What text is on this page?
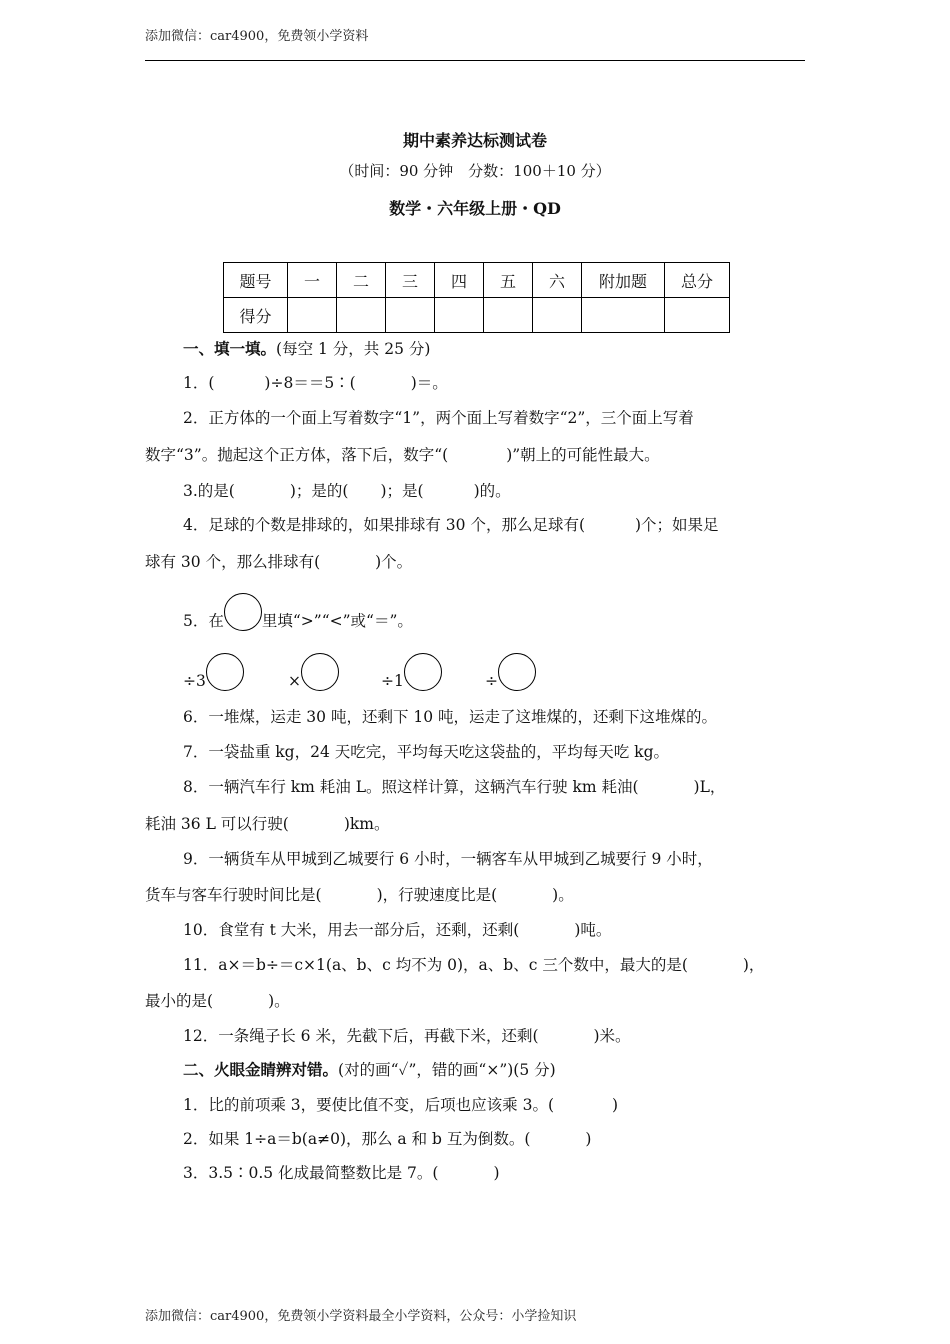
添加微信：car4900，免费领小学资料
期中素养达标测试卷
（时间：90 分钟　分数：100＋10 分）
数学・六年级上册・QD
题号	一	二	三	四	五	六	附加题	总分
得分								
一、填一填。(每空 1 分，共 25 分)
1．(	)÷8＝＝5∶(	)＝。
2．正方体的一个面上写着数字“1”，两个面上写着数字“2”，三个面上写着
数字“3”。抛起这个正方体，落下后，数字“(	)”朝上的可能性最大。
3.的是(	)；是的( )；是(	)的。
4．足球的个数是排球的，如果排球有 30 个，那么足球有(	)个；如果足
球有 30 个，那么排球有(	)个。
5．在 里填“>”“<”或“＝”。
÷3	×	÷1	÷
6．一堆煤，运走 30 吨，还剩下 10 吨，运走了这堆煤的，还剩下这堆煤的。
7．一袋盐重 kg，24 天吃完，平均每天吃这袋盐的，平均每天吃 kg。
8．一辆汽车行 km 耗油 L。照这样计算，这辆汽车行驶 km 耗油(	)L，
耗油 36 L 可以行驶(	)km。
9．一辆货车从甲城到乙城要行 6 小时，一辆客车从甲城到乙城要行 9 小时，
货车与客车行驶时间比是(	)，行驶速度比是(	)。
10．食堂有 t 大米，用去一部分后，还剩，还剩(	)吨。
11．a×＝b÷＝c×1(a、b、c 均不为 0)，a、b、c 三个数中，最大的是(	)，
最小的是(	)。
12．一条绳子长 6 米，先截下后，再截下米，还剩(	)米。
二、火眼金睛辨对错。(对的画“✓”，错的画“×”)(5 分)
1．比的前项乘 3，要使比值不变，后项也应该乘 3。(	)
2．如果 1÷a＝b(a≠0)，那么 a 和 b 互为倒数。(	)
3．3.5∶0.5 化成最简整数比是 7。(	)
添加微信：car4900，免费领小学资料最全小学资料，公众号：小学捡知识
